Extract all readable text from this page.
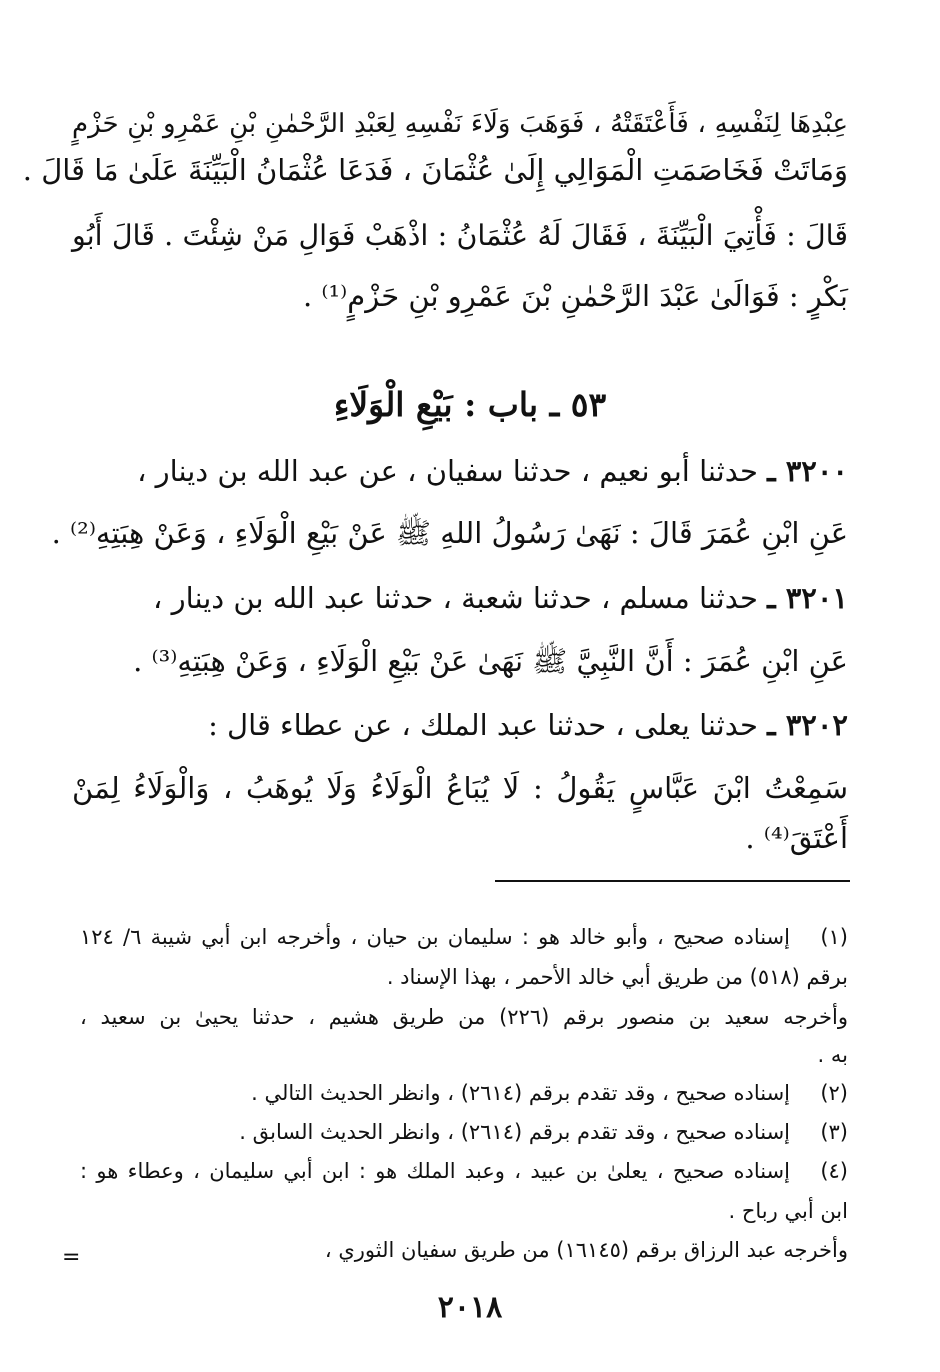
عِبْدِهَا لِنَفْسِهِ ، فَأَعْتَقَتْهُ ، فَوَهَبَ وَلَاءَ نَفْسِهِ لِعَبْدِ الرَّحْمٰنِ بْنِ عَمْرِو بْنِ حَزْمٍ
وَمَاتَتْ فَخَاصَمَتِ الْمَوَالِي إِلَىٰ عُثْمَانَ ، فَدَعَا عُثْمَانُ الْبَيِّنَةَ عَلَىٰ مَا قَالَ .
قَالَ : فَأْتِيَ الْبَيِّنَةَ ، فَقَالَ لَهُ عُثْمَانُ : اذْهَبْ فَوَالِ مَنْ شِئْتَ . قَالَ أَبُو
بَكْرٍ : فَوَالَىٰ عَبْدَ الرَّحْمٰنِ بْنَ عَمْرِو بْنِ حَزْمٍ⁽¹⁾ .
٥٣ ـ باب : بَيْعِ الْوَلَاءِ
٣٢٠٠ ـ حدثنا أبو نعيم ، حدثنا سفيان ، عن عبد الله بن دينار ،
عَنِ ابْنِ عُمَرَ قَالَ : نَهَىٰ رَسُولُ اللهِ ﷺ عَنْ بَيْعِ الْوَلَاءِ ، وَعَنْ هِبَتِهِ⁽²⁾ .
٣٢٠١ ـ حدثنا مسلم ، حدثنا شعبة ، حدثنا عبد الله بن دينار ،
عَنِ ابْنِ عُمَرَ : أَنَّ النَّبِيَّ ﷺ نَهَىٰ عَنْ بَيْعِ الْوَلَاءِ ، وَعَنْ هِبَتِهِ⁽³⁾ .
٣٢٠٢ ـ حدثنا يعلى ، حدثنا عبد الملك ، عن عطاء قال :
سَمِعْتُ ابْنَ عَبَّاسٍ يَقُولُ : لَا يُبَاعُ الْوَلَاءُ وَلَا يُوهَبُ ، وَالْوَلَاءُ لِمَنْ
أَعْتَقَ⁽⁴⁾ .
(١)
إسناده صحيح ، وأبو خالد هو : سليمان بن حيان ، وأخرجه ابن أبي شيبة ٦/ ١٢٤
برقم (٥١٨) من طريق أبي خالد الأحمر ، بهذا الإسناد .
وأخرجه سعيد بن منصور برقم (٢٢٦) من طريق هشيم ، حدثنا يحيىٰ بن سعيد ،
به .
(٢)
إسناده صحيح ، وقد تقدم برقم (٢٦١٤) ، وانظر الحديث التالي .
(٣)
إسناده صحيح ، وقد تقدم برقم (٢٦١٤) ، وانظر الحديث السابق .
(٤)
إسناده صحيح ، يعلىٰ بن عبيد ، وعبد الملك هو : ابن أبي سليمان ، وعطاء هو :
ابن أبي رباح .
وأخرجه عبد الرزاق برقم (١٦١٤٥) من طريق سفيان الثوري ،
=
٢٠١٨
